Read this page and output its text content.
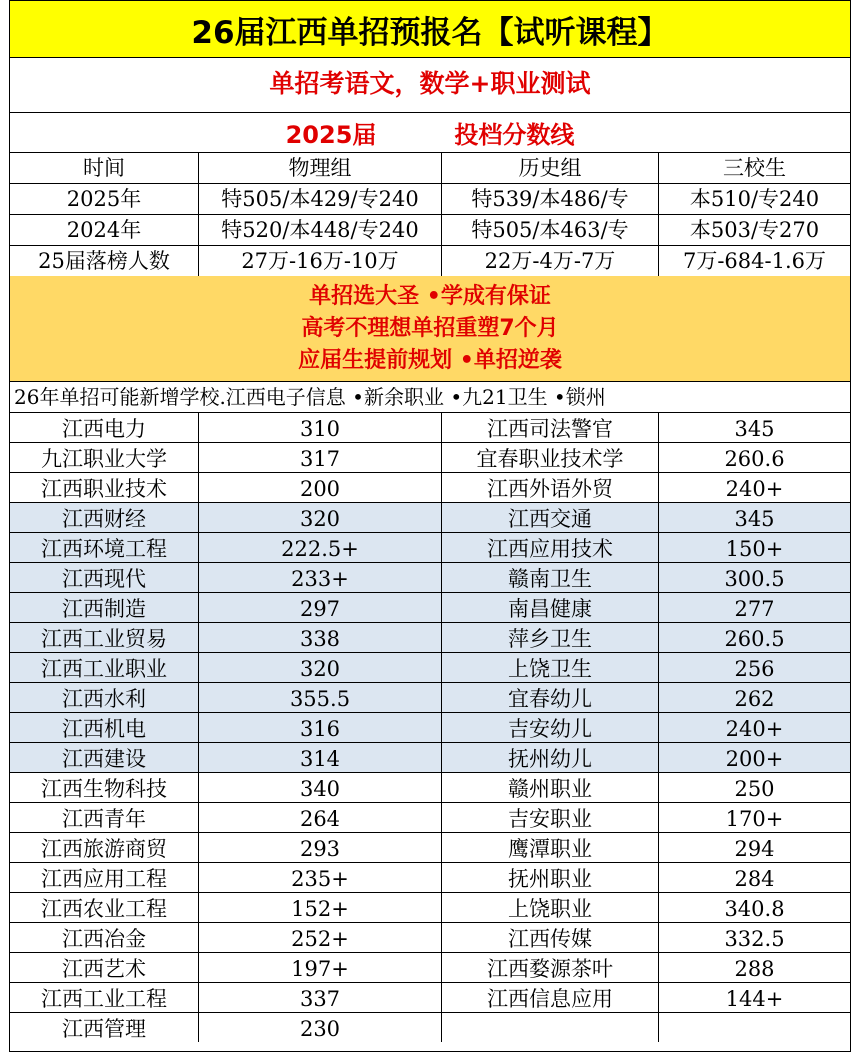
26届江西单招预报名【试听课程】
单招考语文，数学+职业测试
2025届	投档分数线
时间	物理组	历史组	三校生
2025年	特505/本429/专240	特539/本486/专	本510/专240
2024年	特520/本448/专240	特505/本463/专	本503/专270
25届落榜人数	27万-16万-10万	22万-4万-7万	7万-684-1.6万
单招选大圣 •学成有保证
高考不理想单招重塑7个月
应届生提前规划 •单招逆袭
26年单招可能新增学校.江西电子信息 •新余职业 •九21卫生 •锁州
江西电力	310	江西司法警官	345
九江职业大学	317	宜春职业技术学	260.6
江西职业技术	200	江西外语外贸	240+
江西财经	320	江西交通	345
江西环境工程	222.5+	江西应用技术	150+
江西现代	233+	赣南卫生	300.5
江西制造	297	南昌健康	277
江西工业贸易	338	萍乡卫生	260.5
江西工业职业	320	上饶卫生	256
江西水利	355.5	宜春幼儿	262
江西机电	316	吉安幼儿	240+
江西建设	314	抚州幼儿	200+
江西生物科技	340	赣州职业	250
江西青年	264	吉安职业	170+
江西旅游商贸	293	鹰潭职业	294
江西应用工程	235+	抚州职业	284
江西农业工程	152+	上饶职业	340.8
江西冶金	252+	江西传媒	332.5
江西艺术	197+	江西婺源茶叶	288
江西工业工程	337	江西信息应用	144+
江西管理	230
